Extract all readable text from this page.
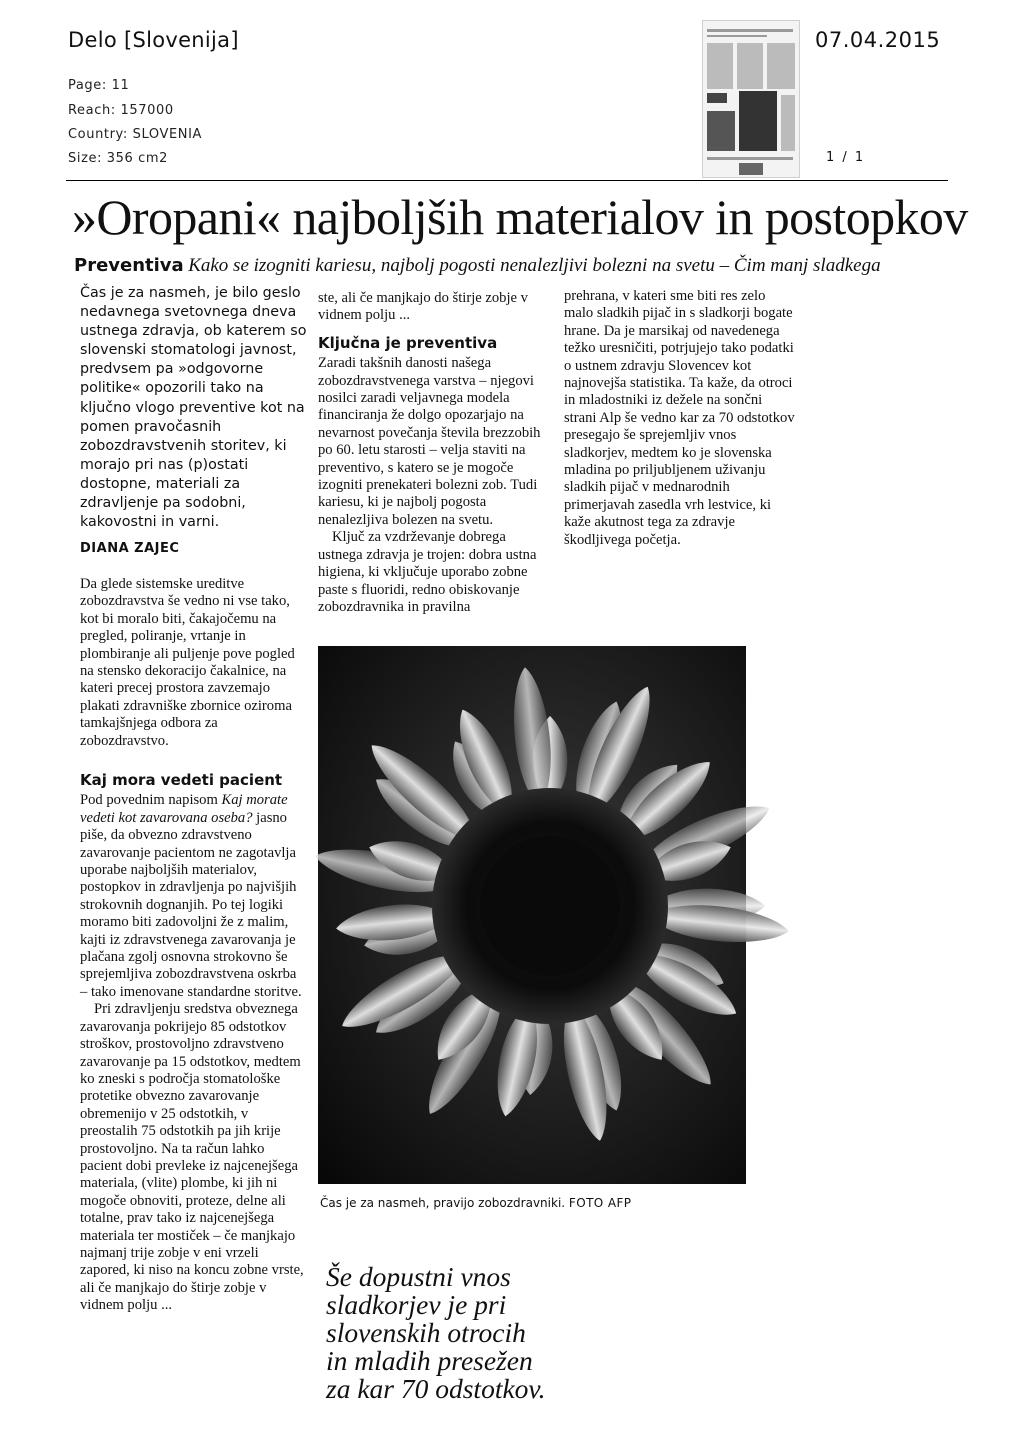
Delo [Slovenija]
Page: 11
Reach: 157000
Country: SLOVENIA
Size: 356 cm2
07.04.2015
1 / 1
»Oropani« najboljših materialov in postopkov
Preventiva Kako se izogniti kariesu, najbolj pogosti nenalezljivi bolezni na svetu – Čim manj sladkega

Čas je za nasmeh, je bilo geslo nedavnega svetovnega dneva ustnega zdravja, ob katerem so slovenski stomatologi javnost, predvsem pa »odgovorne politike« opozorili tako na ključno vlogo preventive kot na pomen pravočasnih zobozdravstvenih storitev, ki morajo pri nas (p)ostati dostopne, materiali za zdravljenje pa sodobni, kakovostni in varni.

DIANA ZAJEC

Da glede sistemske ureditve zobozdravstva še vedno ni vse tako, kot bi moralo biti, čakajočemu na pregled, poliranje, vrtanje in plombiranje ali puljenje pove pogled na stensko dekoracijo čakalnice, na kateri precej prostora zavzemajo plakati zdravniške zbornice oziroma tamkajšnjega odbora za zobozdravstvo.

Kaj mora vedeti pacient

Pod povednim napisom Kaj morate vedeti kot zavarovana oseba? jasno piše, da obvezno zdravstveno zavarovanje pacientom ne zagotavlja uporabe najboljših materialov, postopkov in zdravljenja po najvišjih strokovnih dognanjih. Po tej logiki moramo biti zadovoljni že z malim, kajti iz zdravstvenega zavarovanja je plačana zgolj osnovna strokovno še sprejemljiva zobozdravstvena oskrba – tako imenovane standardne storitve.

Pri zdravljenju sredstva obveznega zavarovanja pokrijejo 85 odstotkov stroškov, prostovoljno zdravstveno zavarovanje pa 15 odstotkov, medtem ko zneski s področja stomatološke protetike obvezno zavarovanje obremenijo v 25 odstotkih, v preostalih 75 odstotkih pa jih krije prostovoljno. Na ta račun lahko pacient dobi prevleke iz najcenejšega materiala, (vlite) plombe, ki jih ni mogoče obnoviti, proteze, delne ali totalne, prav tako iz najcenejšega materiala ter mostiček – če manjkajo najmanj trije zobje v eni vrzeli zapored, ki niso na koncu zobne vrste, ali če manjkajo do štirje zobje v vidnem polju ...

ste, ali če manjkajo do štirje zobje v vidnem polju ...

Ključna je preventiva

Zaradi takšnih danosti našega zobozdravstvenega varstva – njegovi nosilci zaradi veljavnega modela financiranja že dolgo opozarjajo na nevarnost povečanja števila brezzobih po 60. letu starosti – velja staviti na preventivo, s katero se je mogoče izogniti prenekateri bolezni zob. Tudi kariesu, ki je najbolj pogosta nenalezljiva bolezen na svetu.

Ključ za vzdrževanje dobrega ustnega zdravja je trojen: dobra ustna higiena, ki vključuje uporabo zobne paste s fluoridi, redno obiskovanje zobozdravnika in pravilna

prehrana, v kateri sme biti res zelo malo sladkih pijač in s sladkorji bogate hrane. Da je marsikaj od navedenega težko uresničiti, potrjujejo tako podatki o ustnem zdravju Slovencev kot najnovejša statistika. Ta kaže, da otroci in mladostniki iz dežele na sončni strani Alp še vedno kar za 70 odstotkov presegajo še sprejemljiv vnos sladkorjev, medtem ko je slovenska mladina po priljubljenem uživanju sladkih pijač v mednarodnih primerjavah zasedla vrh lestvice, ki kaže akutnost tega za zdravje škodljivega početja.

Čas je za nasmeh, pravijo zobozdravniki. FOTO AFP
Še dopustni vnos
sladkorjev je pri
slovenskih otrocih
in mladih presežen
za kar 70 odstotkov.
